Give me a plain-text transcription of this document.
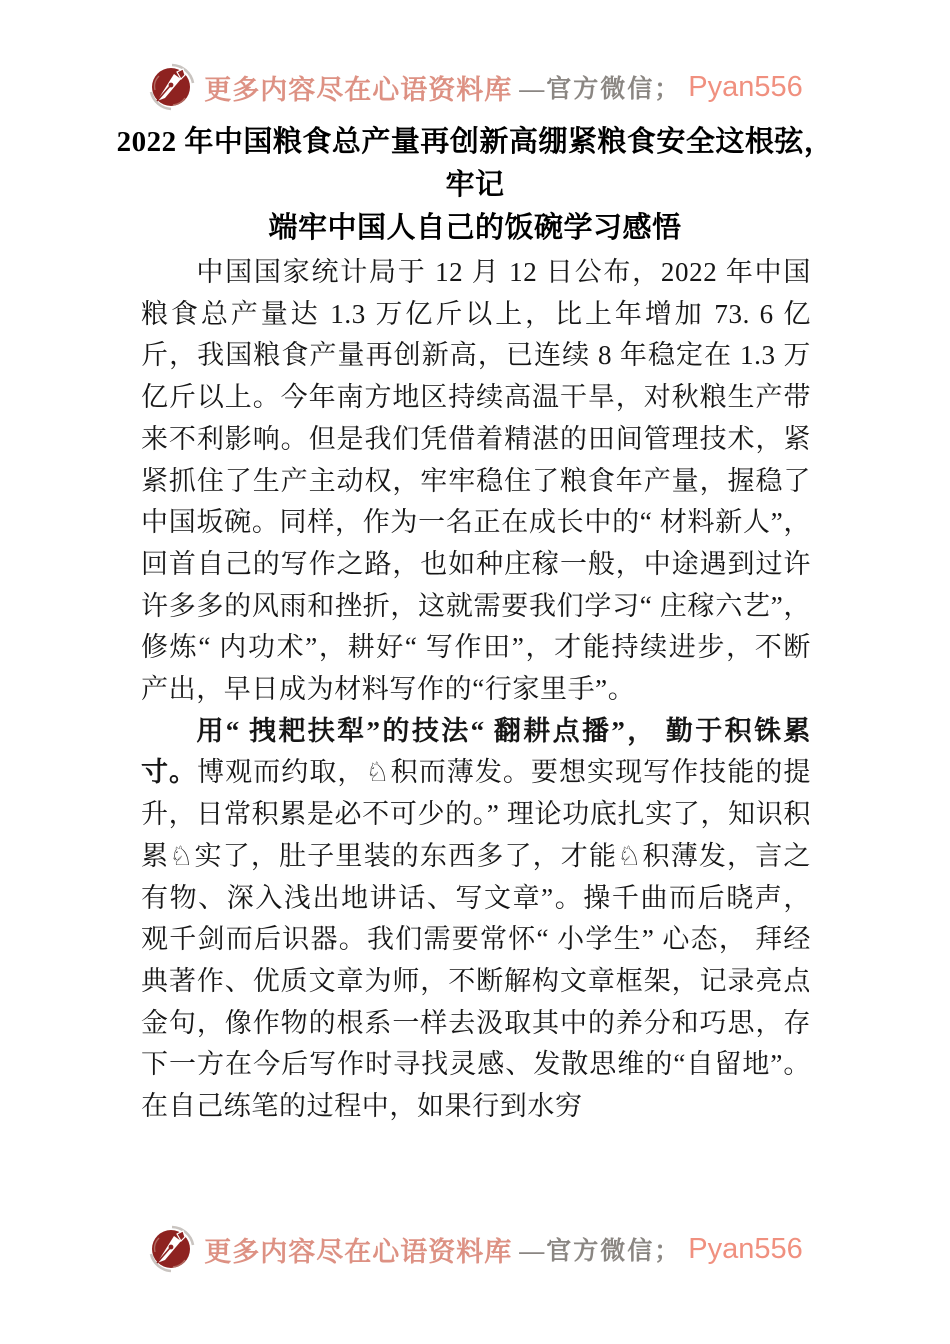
更多内容尽在心语资料库 —官方微信； Pyan556
2022 年中国粮食总产量再创新高绷紧粮食安全这根弦，牢记
端牢中国人自己的饭碗学习感悟

中国国家统计局于 12 月 12 日公布，2022 年中国粮食总产量达 1.3 万亿斤以上，比上年增加 73. 6 亿斤，我国粮食产量再创新高，已连续 8 年稳定在 1.3 万亿斤以上。今年南方地区持续高温干旱，对秋粮生产带来不利影响。但是我们凭借着精湛的田间管理技术，紧紧抓住了生产主动权，牢牢稳住了粮食年产量，握稳了中国坂碗。同样，作为一名正在成长中的“ 材料新人”，回首自己的写作之路，也如种庄稼一般，中途遇到过许许多多的风雨和挫折，这就需要我们学习“ 庄稼六艺”，修炼“ 内功术”，耕好“ 写作田”，才能持续进步，不断产出，早日成为材料写作的“行家里手”。

用“ 拽耙扶犁”的技法“ 翻耕点播”， 勤于积铢累寸。博观而约取，♘积而薄发。要想实现写作技能的提升，日常积累是必不可少的。” 理论功底扎实了，知识积累♘实了，肚子里装的东西多了，才能♘积薄发，言之有物、深入浅出地讲话、写文章”。操千曲而后晓声，观千剑而后识器。我们需要常怀“ 小学生” 心态， 拜经典著作、优质文章为师，不断解构文章框架，记录亮点金句，像作物的根系一样去汲取其中的养分和巧思，存下一方在今后写作时寻找灵感、发散思维的“自留地”。在自己练笔的过程中，如果行到水穷

更多内容尽在心语资料库 —官方微信； Pyan556
